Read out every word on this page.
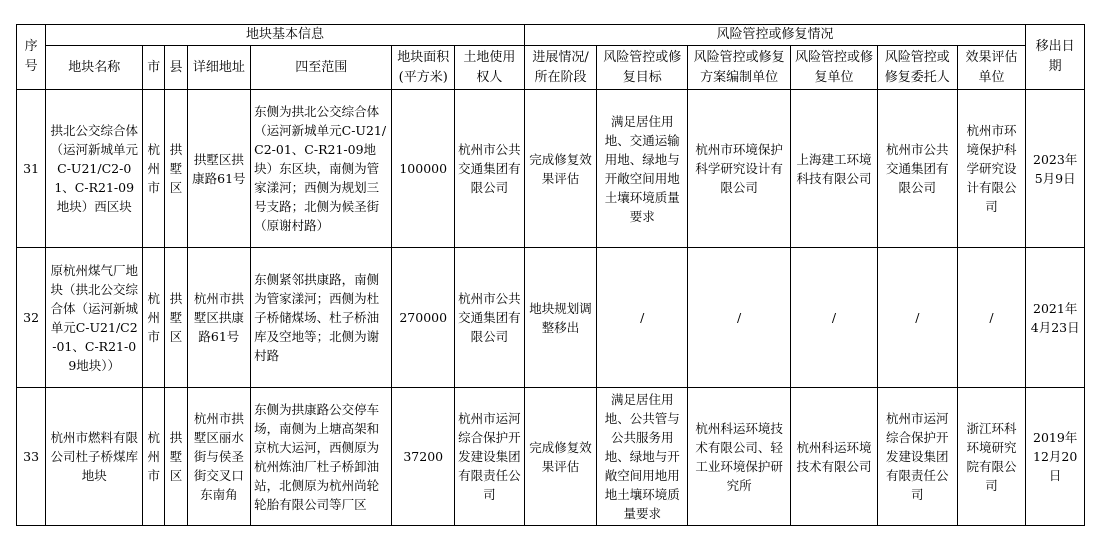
序号	地块基本信息							风险管控或修复情况						移出日期
	地块名称	市	县	详细地址	四至范围	地块面积(平方米)	土地使用权人	进展情况/所在阶段	风险管控或修复目标	风险管控或修复方案编制单位	风险管控或修复单位	风险管控或修复委托人	效果评估单位	
31	拱北公交综合体（运河新城单元C-U21/C2-01、C-R21-09地块）西区块	杭州市	拱墅区	拱墅区拱康路61号	东侧为拱北公交综合体（运河新城单元C-U21/C2-01、C-R21-09地块）东区块，南侧为管家漾河；西侧为规划三号支路；北侧为候圣街（原谢村路）	100000	杭州市公共交通集团有限公司	完成修复效果评估	满足居住用地、交通运输用地、绿地与开敞空间用地土壤环境质量要求	杭州市环境保护科学研究设计有限公司	上海建工环境科技有限公司	杭州市公共交通集团有限公司	杭州市环境保护科学研究设计有限公司	2023年5月9日
32	原杭州煤气厂地块（拱北公交综合体（运河新城单元C-U21/C2-01、C-R21-09地块））	杭州市	拱墅区	杭州市拱墅区拱康路61号	东侧紧邻拱康路，南侧为管家漾河；西侧为杜子桥储煤场、杜子桥油库及空地等；北侧为谢村路	270000	杭州市公共交通集团有限公司	地块规划调整移出	/	/	/	/	/	2021年4月23日
33	杭州市燃料有限公司杜子桥煤库地块	杭州市	拱墅区	杭州市拱墅区丽水街与侯圣街交叉口东南角	东侧为拱康路公交停车场，南侧为上塘高架和京杭大运河，西侧原为杭州炼油厂杜子桥卸油站，北侧原为杭州尚轮轮胎有限公司等厂区	37200	杭州市运河综合保护开发建设集团有限责任公司	完成修复效果评估	满足居住用地、公共管与公共服务用地、绿地与开敞空间用地用地土壤环境质量要求	杭州科运环境技术有限公司、轻工业环境保护研究所	杭州科运环境技术有限公司	杭州市运河综合保护开发建设集团有限责任公司	浙江环科环境研究院有限公司	2019年12月20日
